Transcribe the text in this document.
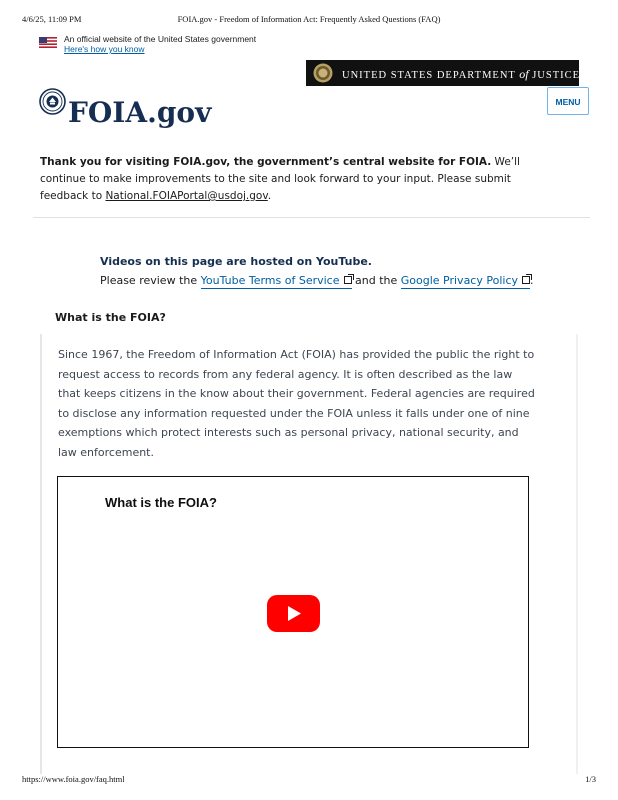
4/6/25, 11:09 PM	FOIA.gov - Freedom of Information Act: Frequently Asked Questions (FAQ)
An official website of the United States government
Here's how you know
UNITED STATES DEPARTMENT of JUSTICE
FOIA.gov	MENU
Thank you for visiting FOIA.gov, the government’s central website for FOIA. We’ll continue to make improvements to the site and look forward to your input. Please submit feedback to National.FOIAPortal@usdoj.gov.
Videos on this page are hosted on YouTube.
Please review the YouTube Terms of Service and the Google Privacy Policy .
What is the FOIA?
Since 1967, the Freedom of Information Act (FOIA) has provided the public the right to request access to records from any federal agency. It is often described as the law that keeps citizens in the know about their government. Federal agencies are required to disclose any information requested under the FOIA unless it falls under one of nine exemptions which protect interests such as personal privacy, national security, and law enforcement.
What is the FOIA?
https://www.foia.gov/faq.html	1/3
